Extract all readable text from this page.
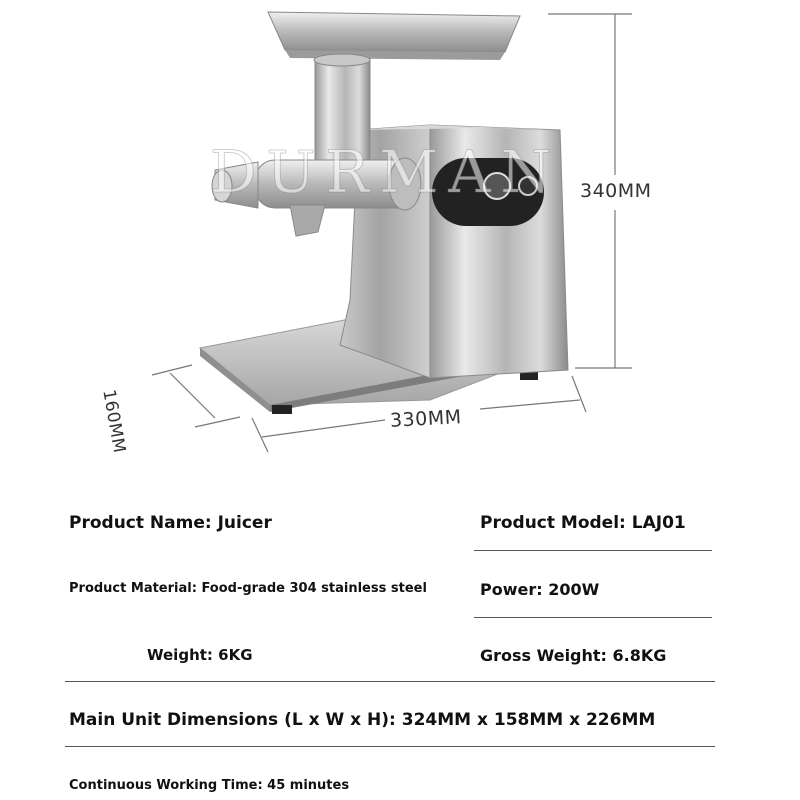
DURMAN 340MM
330MM
160MM
Product Name: Juicer	Product Model: LAJ01
Product Material: Food-grade 304 stainless steel	Power: 200W
Weight: 6KG	Gross Weight: 6.8KG
Main Unit Dimensions (L x W x H): 324MM x 158MM x 226MM
Continuous Working Time: 45 minutes
